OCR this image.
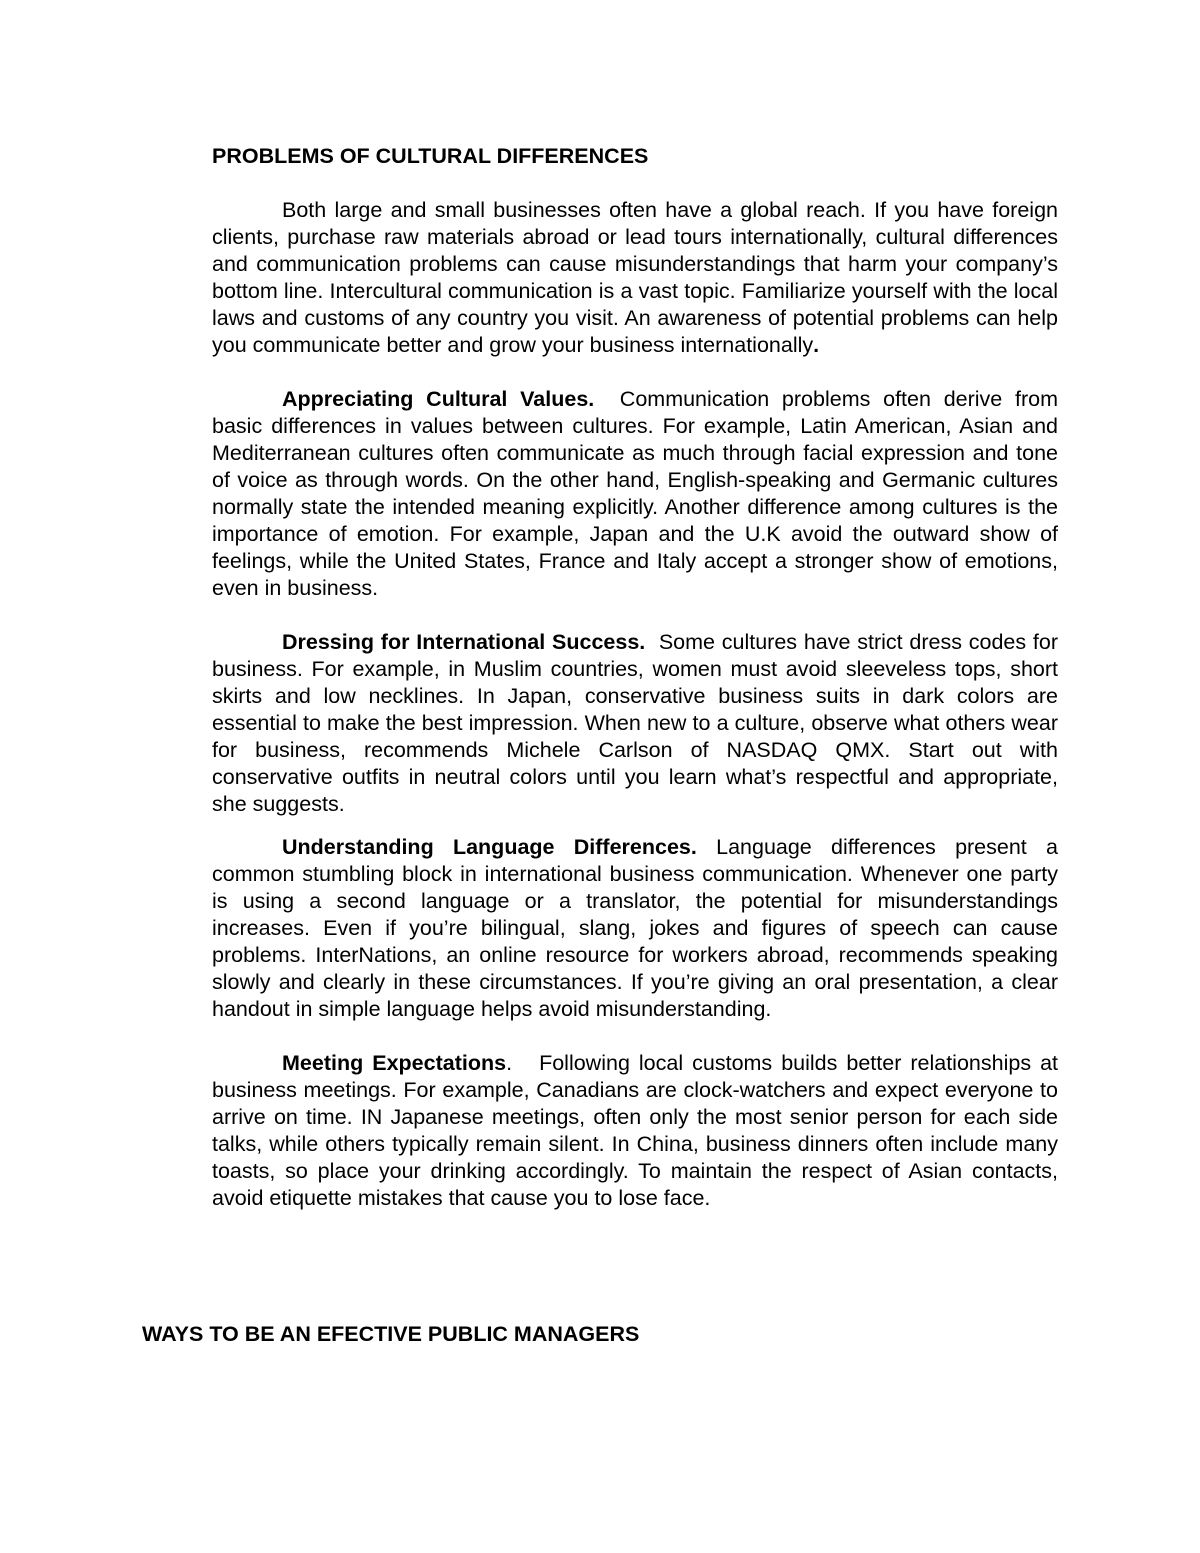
PROBLEMS OF CULTURAL DIFFERENCES

Both large and small businesses often have a global reach. If you have foreign clients, purchase raw materials abroad or lead tours internationally, cultural differences and communication problems can cause misunderstandings that harm your company’s bottom line. Intercultural communication is a vast topic. Familiarize yourself with the local laws and customs of any country you visit. An awareness of potential problems can help you communicate better and grow your business internationally.

Appreciating Cultural Values. Communication problems often derive from basic differences in values between cultures. For example, Latin American, Asian and Mediterranean cultures often communicate as much through facial expression and tone of voice as through words. On the other hand, English-speaking and Germanic cultures normally state the intended meaning explicitly. Another difference among cultures is the importance of emotion. For example, Japan and the U.K avoid the outward show of feelings, while the United States, France and Italy accept a stronger show of emotions, even in business.

Dressing for International Success. Some cultures have strict dress codes for business. For example, in Muslim countries, women must avoid sleeveless tops, short skirts and low necklines. In Japan, conservative business suits in dark colors are essential to make the best impression. When new to a culture, observe what others wear for business, recommends Michele Carlson of NASDAQ QMX. Start out with conservative outfits in neutral colors until you learn what’s respectful and appropriate, she suggests.

Understanding Language Differences. Language differences present a common stumbling block in international business communication. Whenever one party is using a second language or a translator, the potential for misunderstandings increases. Even if you’re bilingual, slang, jokes and figures of speech can cause problems. InterNations, an online resource for workers abroad, recommends speaking slowly and clearly in these circumstances. If you’re giving an oral presentation, a clear handout in simple language helps avoid misunderstanding.

Meeting Expectations. Following local customs builds better relationships at business meetings. For example, Canadians are clock-watchers and expect everyone to arrive on time. IN Japanese meetings, often only the most senior person for each side talks, while others typically remain silent. In China, business dinners often include many toasts, so place your drinking accordingly. To maintain the respect of Asian contacts, avoid etiquette mistakes that cause you to lose face.

WAYS TO BE AN EFECTIVE PUBLIC MANAGERS
